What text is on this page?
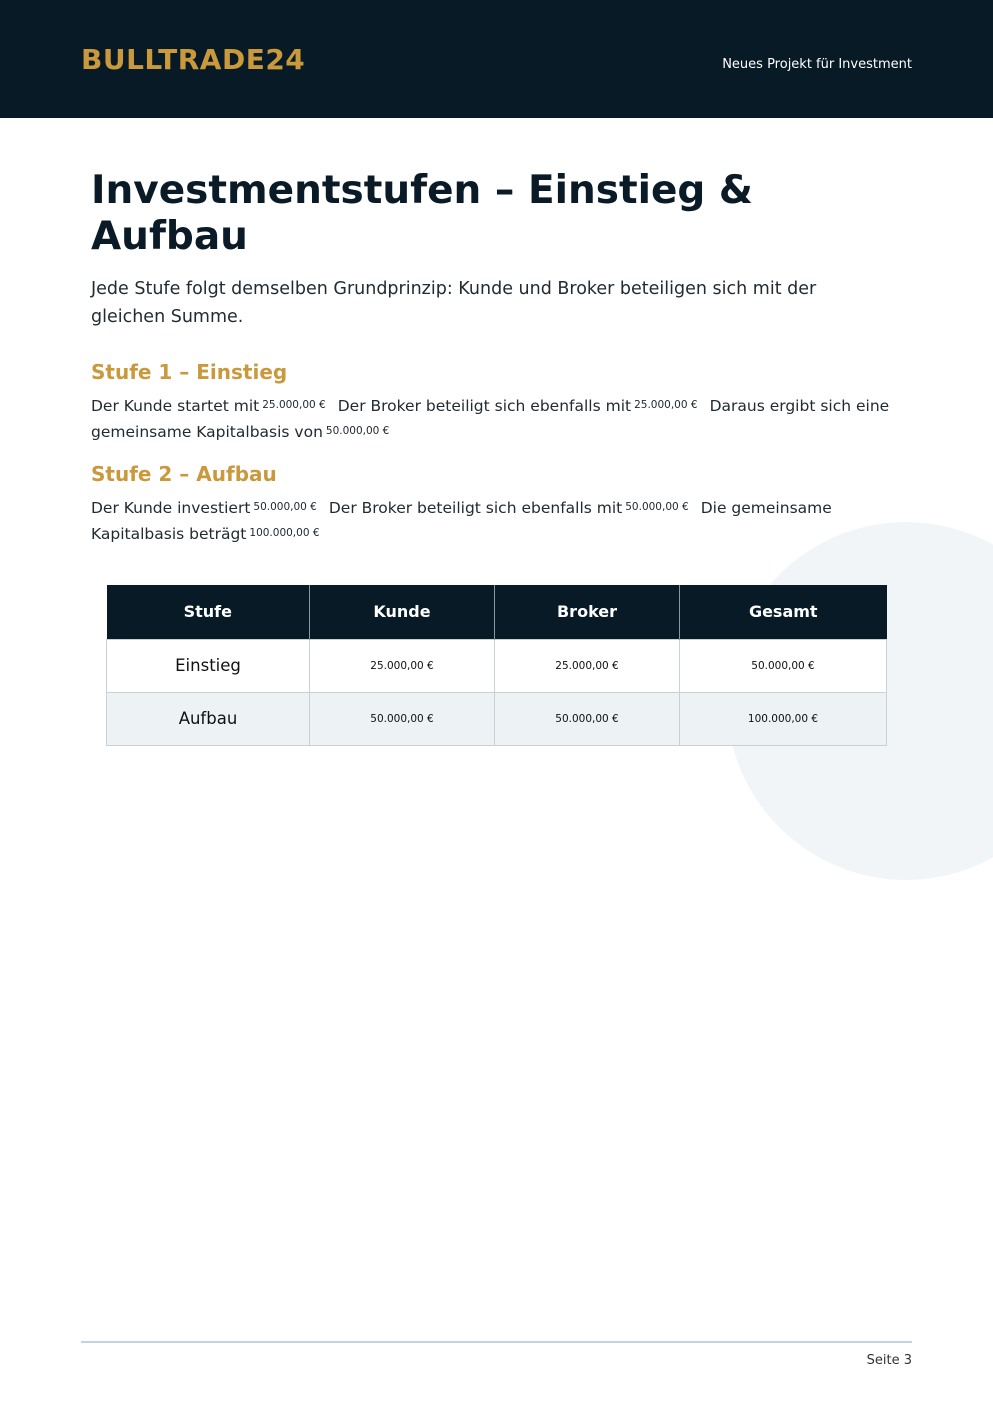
BULLTRADE24	Neues Projekt für Investment
Investmentstufen – Einstieg & Aufbau

Jede Stufe folgt demselben Grundprinzip: Kunde und Broker beteiligen sich mit der gleichen Summe.

Stufe 1 – Einstieg

Der Kunde startet mit 25.000,00 € Der Broker beteiligt sich ebenfalls mit 25.000,00 € Daraus ergibt sich eine gemeinsame Kapitalbasis von 50.000,00 €

Stufe 2 – Aufbau

Der Kunde investiert 50.000,00 € Der Broker beteiligt sich ebenfalls mit 50.000,00 € Die gemeinsame Kapitalbasis beträgt 100.000,00 €

Stufe	Kunde	Broker	Gesamt
Einstieg	25.000,00 €	25.000,00 €	50.000,00 €
Aufbau	50.000,00 €	50.000,00 €	100.000,00 €
Seite 3
